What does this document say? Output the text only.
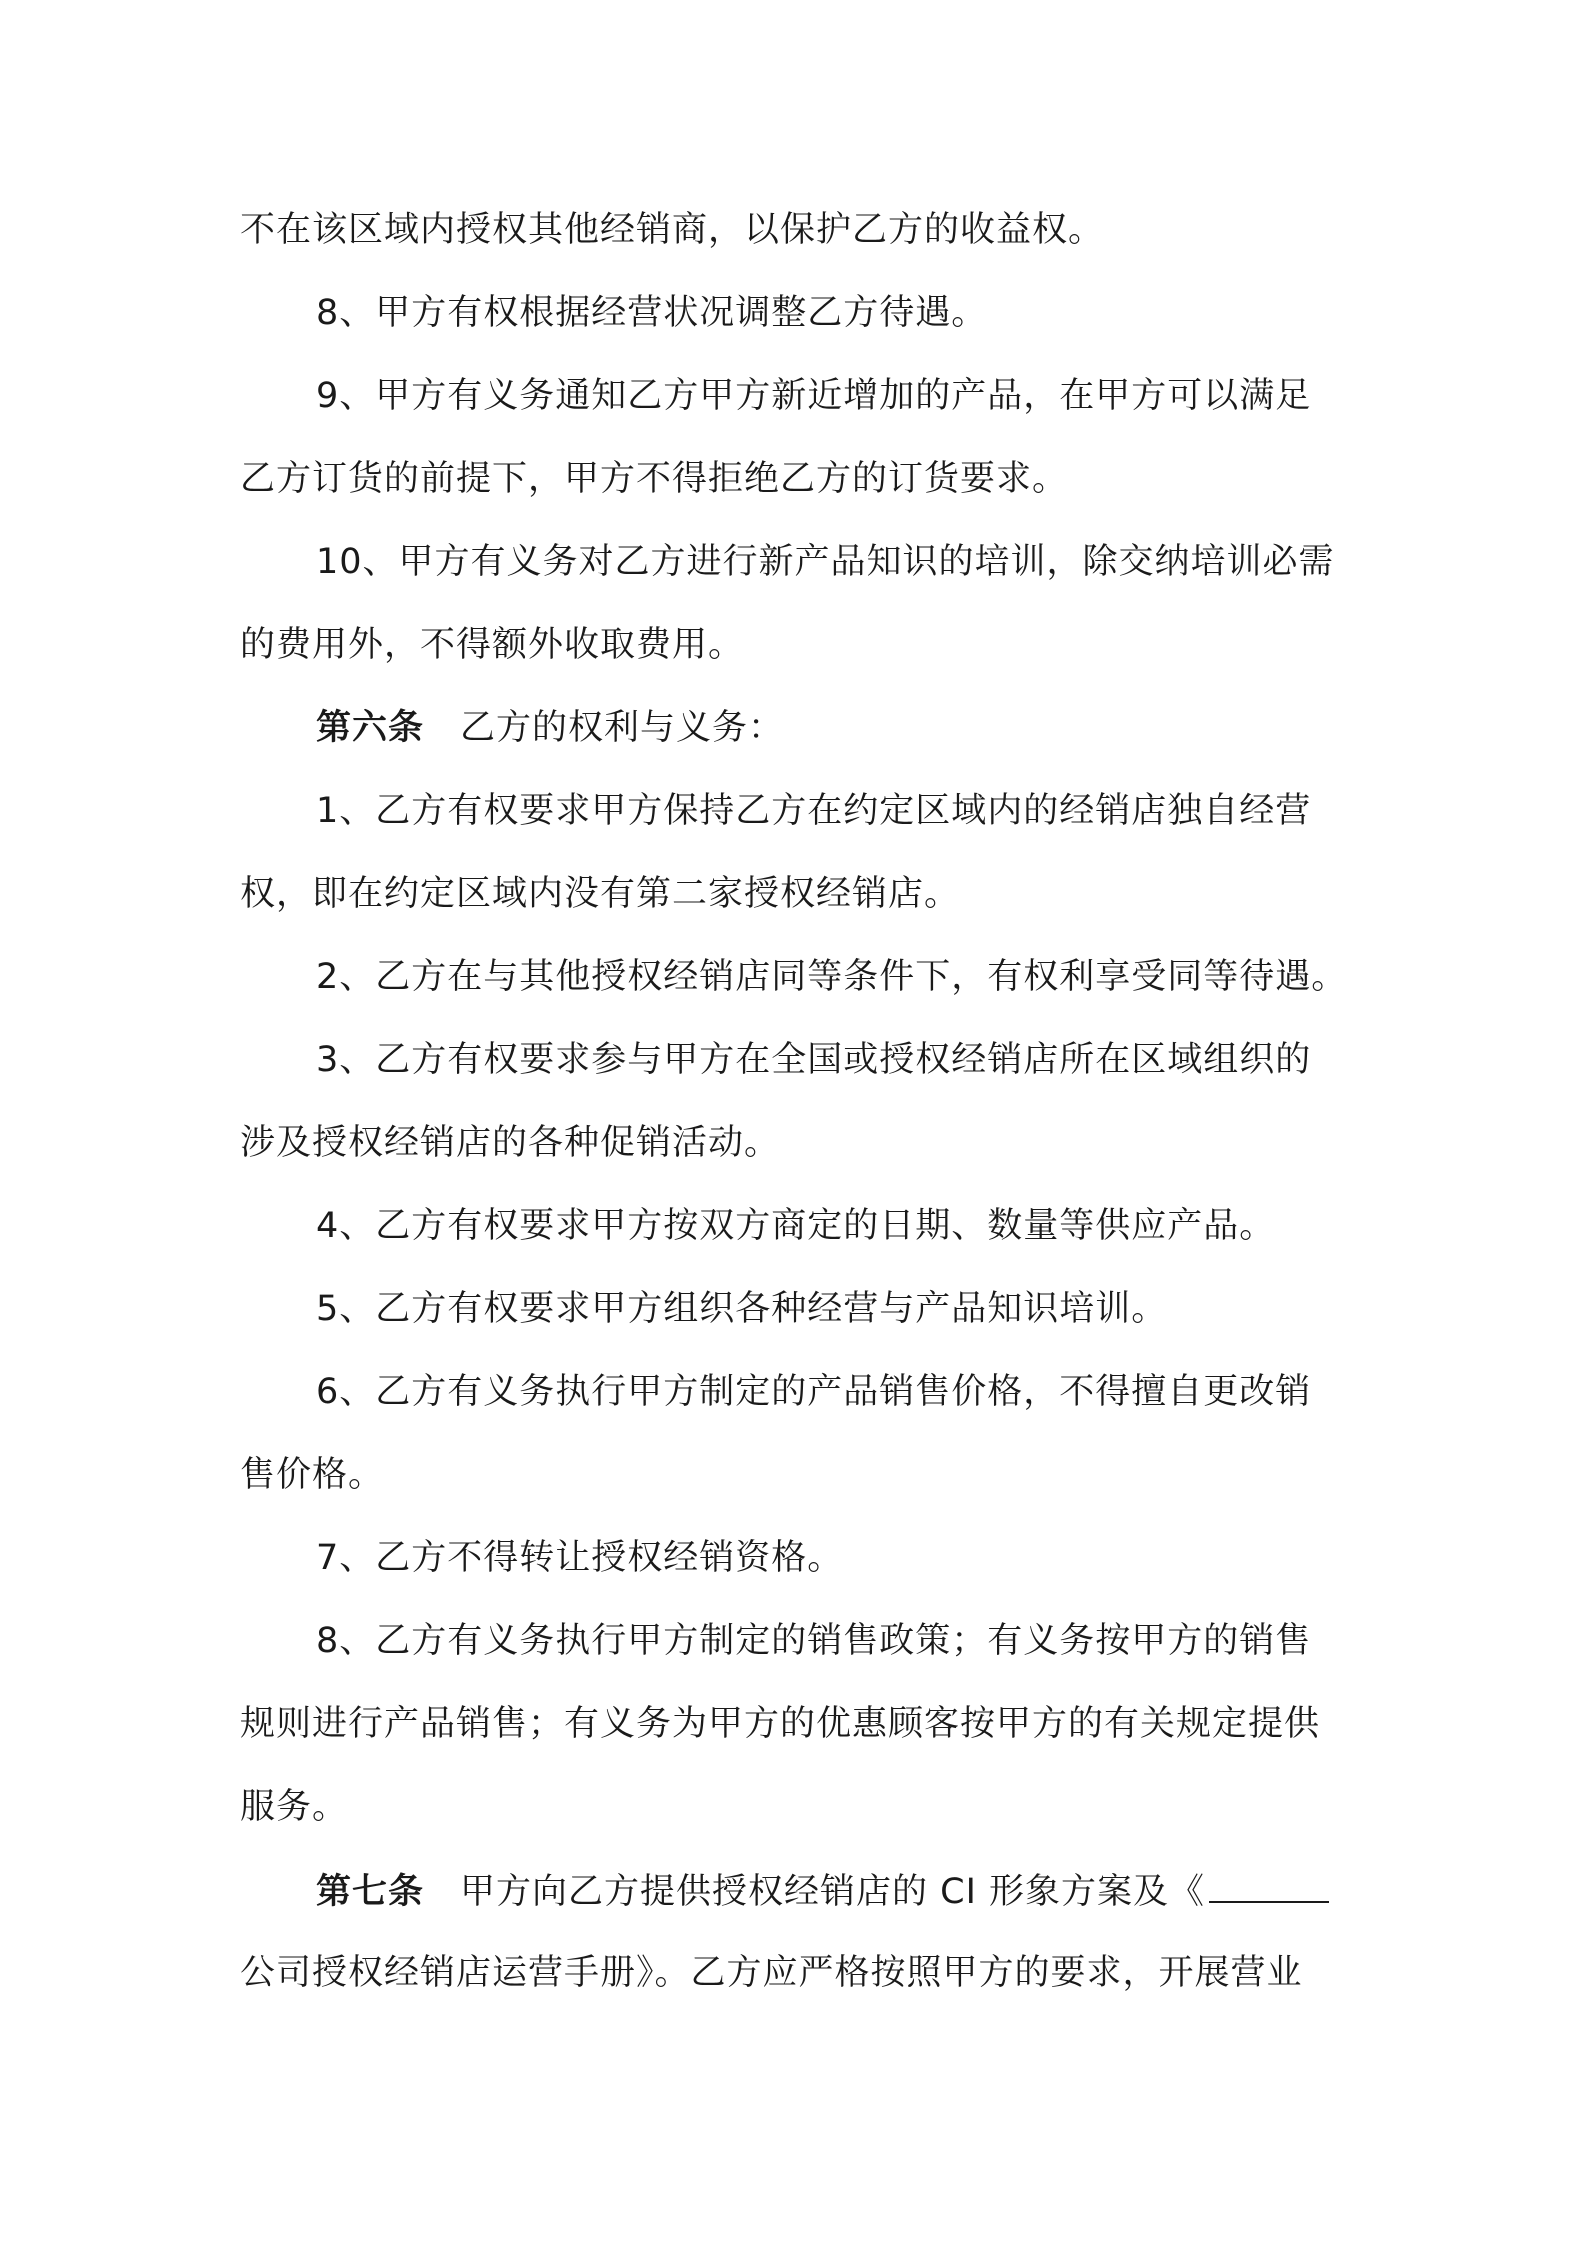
不在该区域内授权其他经销商，以保护乙方的收益权。
8、甲方有权根据经营状况调整乙方待遇。
9、甲方有义务通知乙方甲方新近增加的产品，在甲方可以满足
乙方订货的前提下，甲方不得拒绝乙方的订货要求。
10、甲方有义务对乙方进行新产品知识的培训，除交纳培训必需
的费用外，不得额外收取费用。
第六条 乙方的权利与义务：
1、乙方有权要求甲方保持乙方在约定区域内的经销店独自经营
权，即在约定区域内没有第二家授权经销店。
2、乙方在与其他授权经销店同等条件下，有权利享受同等待遇。
3、乙方有权要求参与甲方在全国或授权经销店所在区域组织的
涉及授权经销店的各种促销活动。
4、乙方有权要求甲方按双方商定的日期、数量等供应产品。
5、乙方有权要求甲方组织各种经营与产品知识培训。
6、乙方有义务执行甲方制定的产品销售价格，不得擅自更改销
售价格。
7、乙方不得转让授权经销资格。
8、乙方有义务执行甲方制定的销售政策；有义务按甲方的销售
规则进行产品销售；有义务为甲方的优惠顾客按甲方的有关规定提供
服务。
第七条 甲方向乙方提供授权经销店的 CI 形象方案及《
公司授权经销店运营手册》。乙方应严格按照甲方的要求，开展营业
